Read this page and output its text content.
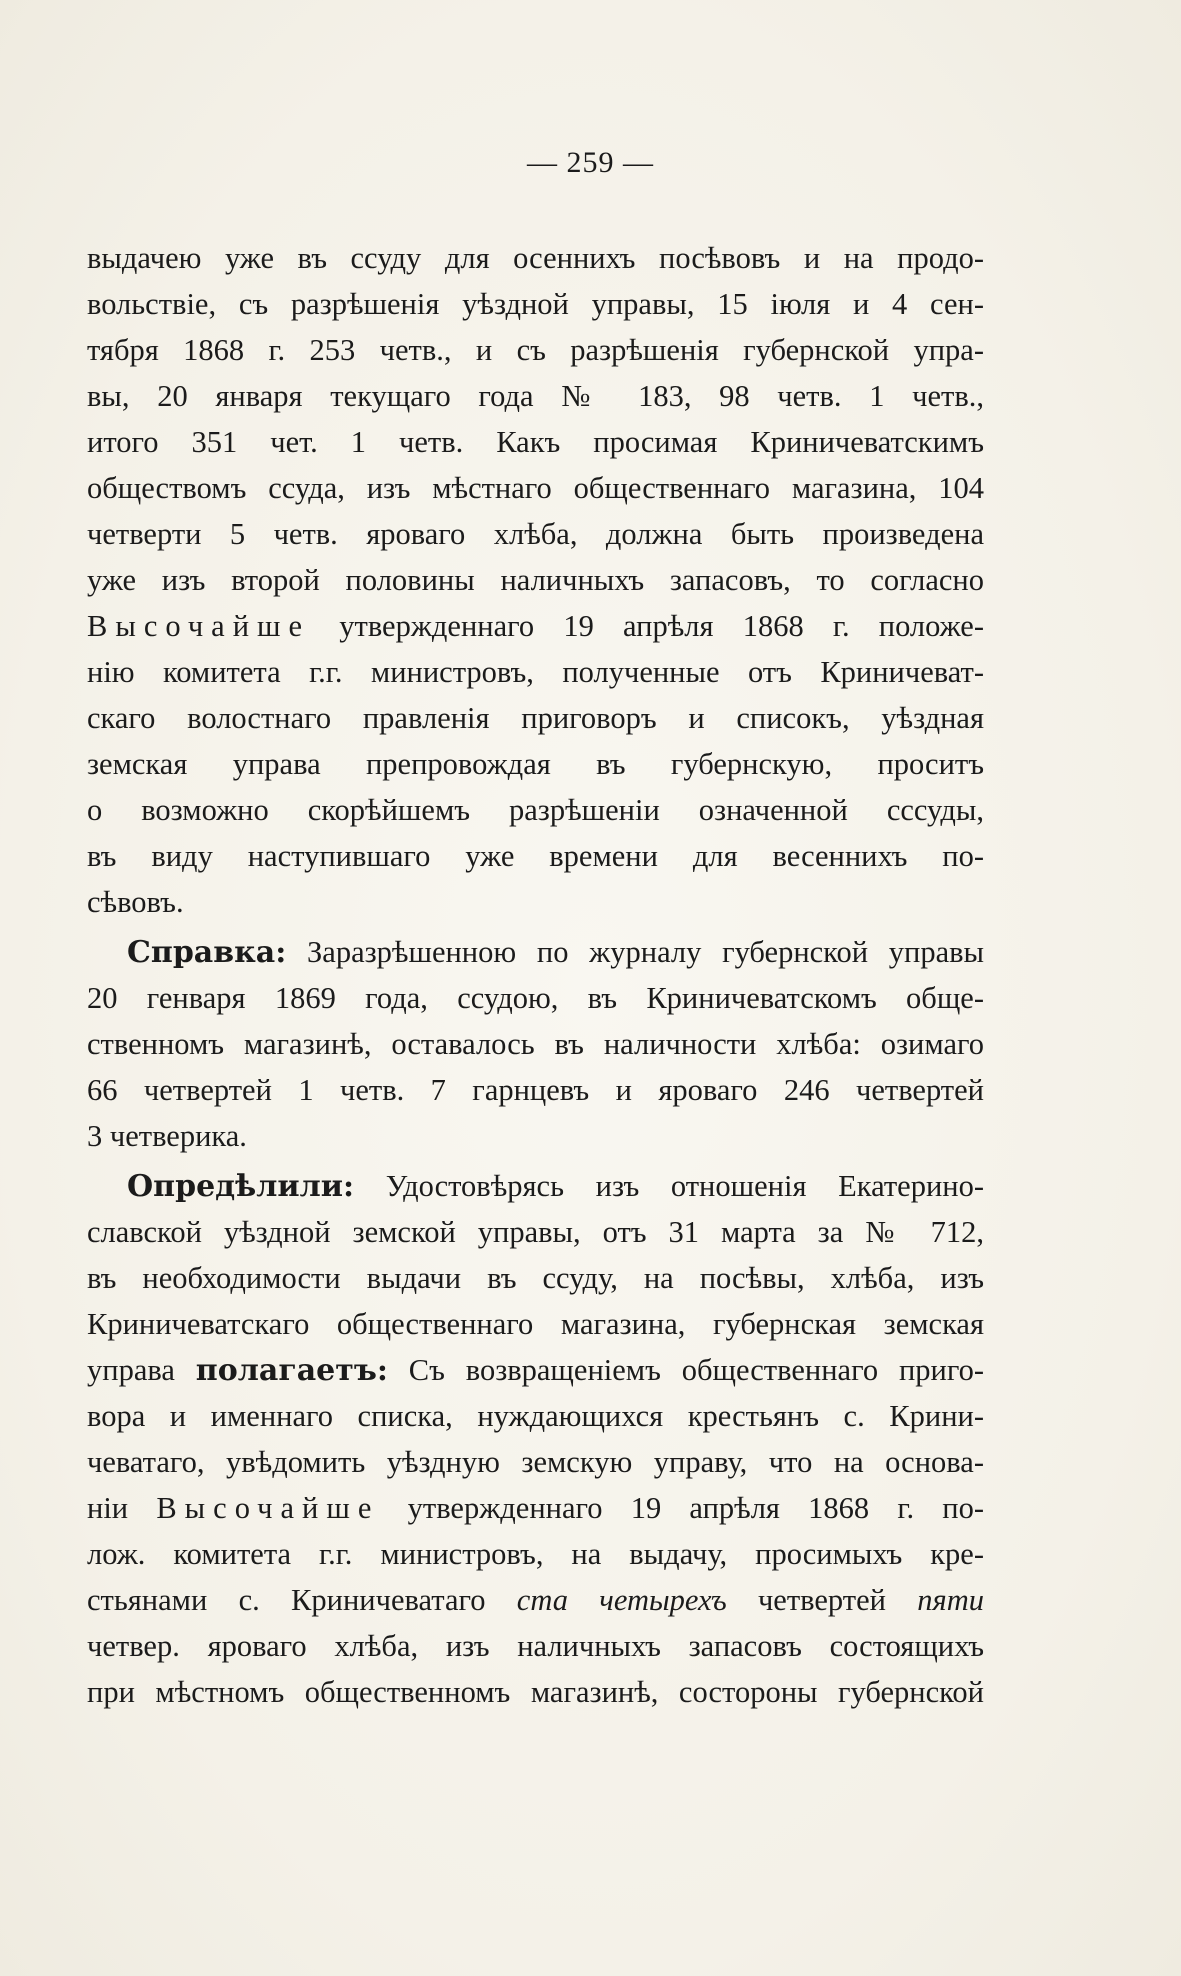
— 259 —
выдачею уже въ ссуду для осеннихъ посѣвовъ и на продо-
вольствіе, съ разрѣшенія уѣздной управы, 15 іюля и 4 сен-
тября 1868 г. 253 четв., и съ разрѣшенія губернской упра-
вы, 20 января текущаго года № 183, 98 четв. 1 четв.,
итого 351 чет. 1 четв. Какъ просимая Криничеватскимъ
обществомъ ссуда, изъ мѣстнаго общественнаго магазина, 104
четверти 5 четв. яроваго хлѣба, должна быть произведена
уже изъ второй половины наличныхъ запасовъ, то согласно
Высочайше утвержденнаго 19 апрѣля 1868 г. положе-
нію комитета г.г. министровъ, полученные отъ Криничеват-
скаго волостнаго правленія приговоръ и списокъ, уѣздная
земская управа препровождая въ губернскую, проситъ
о возможно скорѣйшемъ разрѣшеніи означенной сссуды,
въ виду наступившаго уже времени для весеннихъ по-
сѣвовъ.
Справка: Заразрѣшенною по журналу губернской управы
20 генваря 1869 года, ссудою, въ Криничеватскомъ обще-
ственномъ магазинѣ, оставалось въ наличности хлѣба: озимаго
66 четвертей 1 четв. 7 гарнцевъ и яроваго 246 четвертей
3 четверика.
Опредѣлили: Удостовѣрясь изъ отношенія Екатерино-
славской уѣздной земской управы, отъ 31 марта за № 712,
въ необходимости выдачи въ ссуду, на посѣвы, хлѣба, изъ
Криничеватскаго общественнаго магазина, губернская земская
управа полагаетъ: Съ возвращеніемъ общественнаго приго-
вора и именнаго списка, нуждающихся крестьянъ с. Крини-
чеватаго, увѣдомить уѣздную земскую управу, что на основа-
ніи Высочайше утвержденнаго 19 апрѣля 1868 г. по-
лож. комитета г.г. министровъ, на выдачу, просимыхъ кре-
стьянами с. Криничеватаго ста четырехъ четвертей пяти
четвер. яроваго хлѣба, изъ наличныхъ запасовъ состоящихъ
при мѣстномъ общественномъ магазинѣ, состороны губернской
